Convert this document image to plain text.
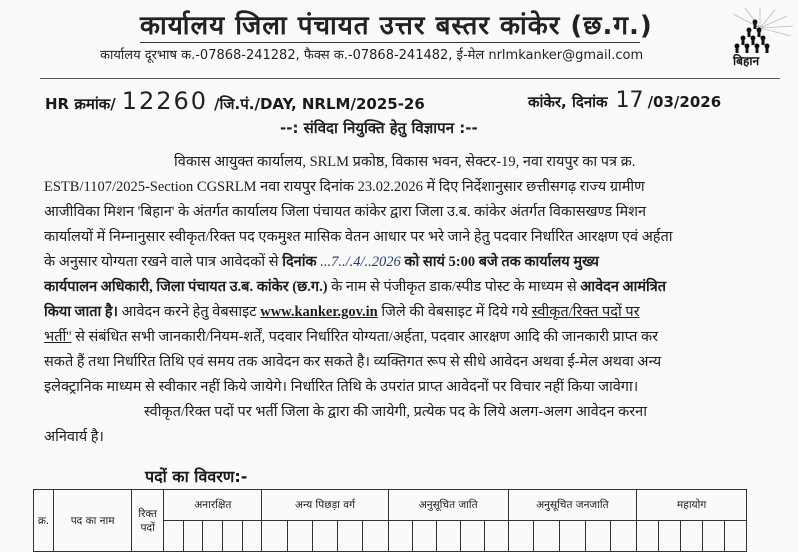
कार्यालय जिला पंचायत उत्तर बस्तर कांकेर (छ.ग.)
कार्यालय दूरभाष क.-07868-241282, फैक्स क.-07868-241482, ई-मेल nrlmkanker@gmail.com	बिहान
HR क्रमांक/ 12260 /जि.पं./DAY, NRLM/2025-26	कांकेर, दिनांक 17 /03/2026
--: संविदा नियुक्ति हेतु विज्ञापन :--
विकास आयुक्त कार्यालय, SRLM प्रकोष्ठ, विकास भवन, सेक्टर-19, नवा रायपुर का पत्र क्र.
ESTB/1107/2025-Section CGSRLM नवा रायपुर दिनांक 23.02.2026 में दिए निर्देशानुसार छत्तीसगढ़ राज्य ग्रामीण
आजीविका मिशन 'बिहान' के अंतर्गत कार्यालय जिला पंचायत कांकेर द्वारा जिला उ.ब. कांकेर अंतर्गत विकासखण्ड मिशन
कार्यालयों में निम्नानुसार स्वीकृत/रिक्त पद एकमुश्त मासिक वेतन आधार पर भरे जाने हेतु पदवार निर्धारित आरक्षण एवं अर्हता
के अनुसार योग्यता रखने वाले पात्र आवेदकों से दिनांक ...7../.4/..2026 को सायं 5:00 बजे तक कार्यालय मुख्य
कार्यपालन अधिकारी, जिला पंचायत उ.ब. कांकेर (छ.ग.) के नाम से पंजीकृत डाक/स्पीड पोस्ट के माध्यम से आवेदन आमंत्रित
किया जाता है। आवेदन करने हेतु वेबसाइट www.kanker.gov.in जिले की वेबसाइट में दिये गये स्वीकृत/रिक्त पदों पर
भर्ती'' से संबंधित सभी जानकारी/नियम-शर्तें, पदवार निर्धारित योग्यता/अर्हता, पदवार आरक्षण आदि की जानकारी प्राप्त कर
सकते हैं तथा निर्धारित तिथि एवं समय तक आवेदन कर सकते है। व्यक्तिगत रूप से सीधे आवेदन अथवा ई-मेल अथवा अन्य
इलेक्ट्रानिक माध्यम से स्वीकार नहीं किये जायेगे। निर्धारित तिथि के उपरांत प्राप्त आवेदनों पर विचार नहीं किया जावेगा।
स्वीकृत/रिक्त पदों पर भर्ती जिला के द्वारा की जायेगी, प्रत्येक पद के लिये अलग-अलग आवेदन करना
अनिवार्य है।
पदों का विवरण:-
क्र.	पद का नाम	रिक्त पदों	अनारक्षित					अन्य पिछड़ा वर्ग					अनुसूचित जाति					अनुसूचित जनजाति					महायोग					
